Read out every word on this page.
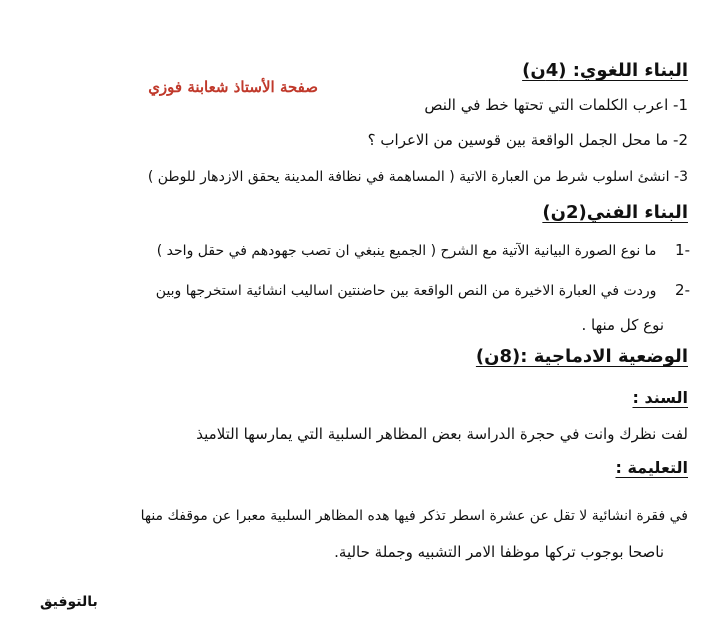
البناء اللغوي: (4ن)
صفحة الأستاذ شعابنة فوزي
1- اعرب الكلمات التي تحتها خط في النص
2- ما محل الجمل الواقعة بين قوسين من الاعراب ؟
3- انشئ اسلوب شرط من العبارة الاتية ( المساهمة في نظافة المدينة يحقق الازدهار للوطن )
البناء الفني(2ن)
-1  ما نوع الصورة البيانية الآتية مع الشرح ( الجميع ينبغي ان تصب جهودهم في حقل واحد )
-2  وردت في العبارة الاخيرة من النص الواقعة بين حاضنتين اساليب انشائية استخرجها وبين
نوع كل منها .
الوضعية الادماجية :(8ن)
السند :
لفت نظرك وانت في حجرة الدراسة بعض المظاهر السلبية التي يمارسها التلاميذ
التعليمة :
في فقرة انشائية لا تقل عن عشرة اسطر تذكر فيها هده المظاهر السلبية معبرا عن موقفك منها
ناصحا بوجوب تركها موظفا الامر التشبيه وجملة حالية.
بالتوفيق
